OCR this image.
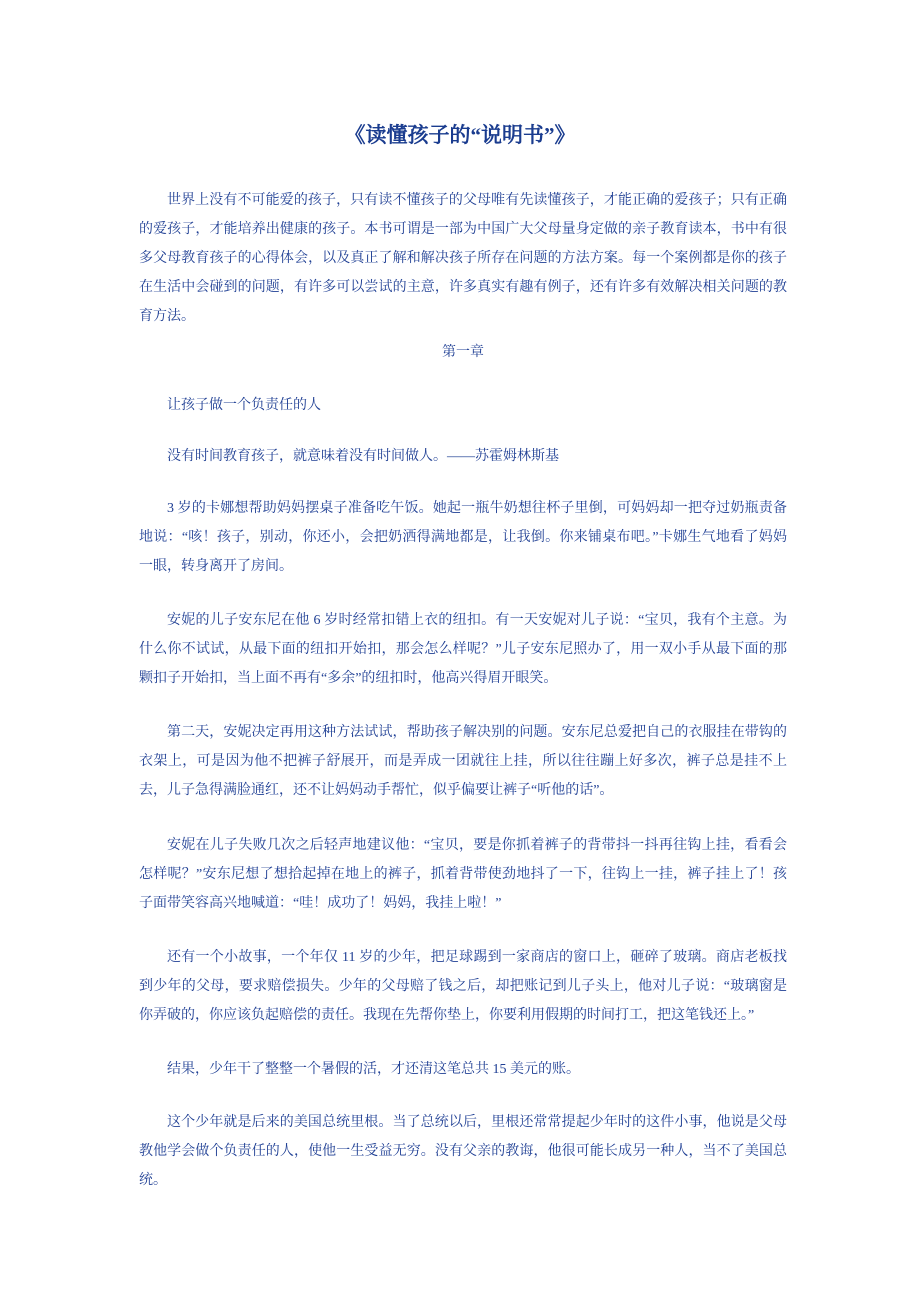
《读懂孩子的“说明书”》

世界上没有不可能爱的孩子，只有读不懂孩子的父母唯有先读懂孩子，才能正确的爱孩子；只有正确的爱孩子，才能培养出健康的孩子。本书可谓是一部为中国广大父母量身定做的亲子教育读本，书中有很多父母教育孩子的心得体会，以及真正了解和解决孩子所存在问题的方法方案。每一个案例都是你的孩子在生活中会碰到的问题，有许多可以尝试的主意，许多真实有趣有例子，还有许多有效解决相关问题的教育方法。

第一章

让孩子做一个负责任的人

没有时间教育孩子，就意味着没有时间做人。——苏霍姆林斯基

3 岁的卡娜想帮助妈妈摆桌子准备吃午饭。她起一瓶牛奶想往杯子里倒，可妈妈却一把夺过奶瓶责备地说：“咳！孩子，别动，你还小，会把奶洒得满地都是，让我倒。你来铺桌布吧。”卡娜生气地看了妈妈一眼，转身离开了房间。

安妮的儿子安东尼在他 6 岁时经常扣错上衣的纽扣。有一天安妮对儿子说：“宝贝，我有个主意。为什么你不试试，从最下面的纽扣开始扣，那会怎么样呢？”儿子安东尼照办了，用一双小手从最下面的那颗扣子开始扣，当上面不再有“多余”的纽扣时，他高兴得眉开眼笑。

第二天，安妮决定再用这种方法试试，帮助孩子解决别的问题。安东尼总爱把自己的衣服挂在带钩的衣架上，可是因为他不把裤子舒展开，而是弄成一团就往上挂，所以往往蹦上好多次，裤子总是挂不上去，儿子急得满脸通红，还不让妈妈动手帮忙，似乎偏要让裤子“听他的话”。

安妮在儿子失败几次之后轻声地建议他：“宝贝，要是你抓着裤子的背带抖一抖再往钩上挂，看看会怎样呢？”安东尼想了想拾起掉在地上的裤子，抓着背带使劲地抖了一下，往钩上一挂，裤子挂上了！孩子面带笑容高兴地喊道：“哇！成功了！妈妈，我挂上啦！”

还有一个小故事，一个年仅 11 岁的少年，把足球踢到一家商店的窗口上，砸碎了玻璃。商店老板找到少年的父母，要求赔偿损失。少年的父母赔了钱之后，却把账记到儿子头上，他对儿子说：“玻璃窗是你弄破的，你应该负起赔偿的责任。我现在先帮你垫上，你要利用假期的时间打工，把这笔钱还上。”

结果，少年干了整整一个暑假的活，才还清这笔总共 15 美元的账。

这个少年就是后来的美国总统里根。当了总统以后，里根还常常提起少年时的这件小事，他说是父母教他学会做个负责任的人，使他一生受益无穷。没有父亲的教诲，他很可能长成另一种人，当不了美国总统。
